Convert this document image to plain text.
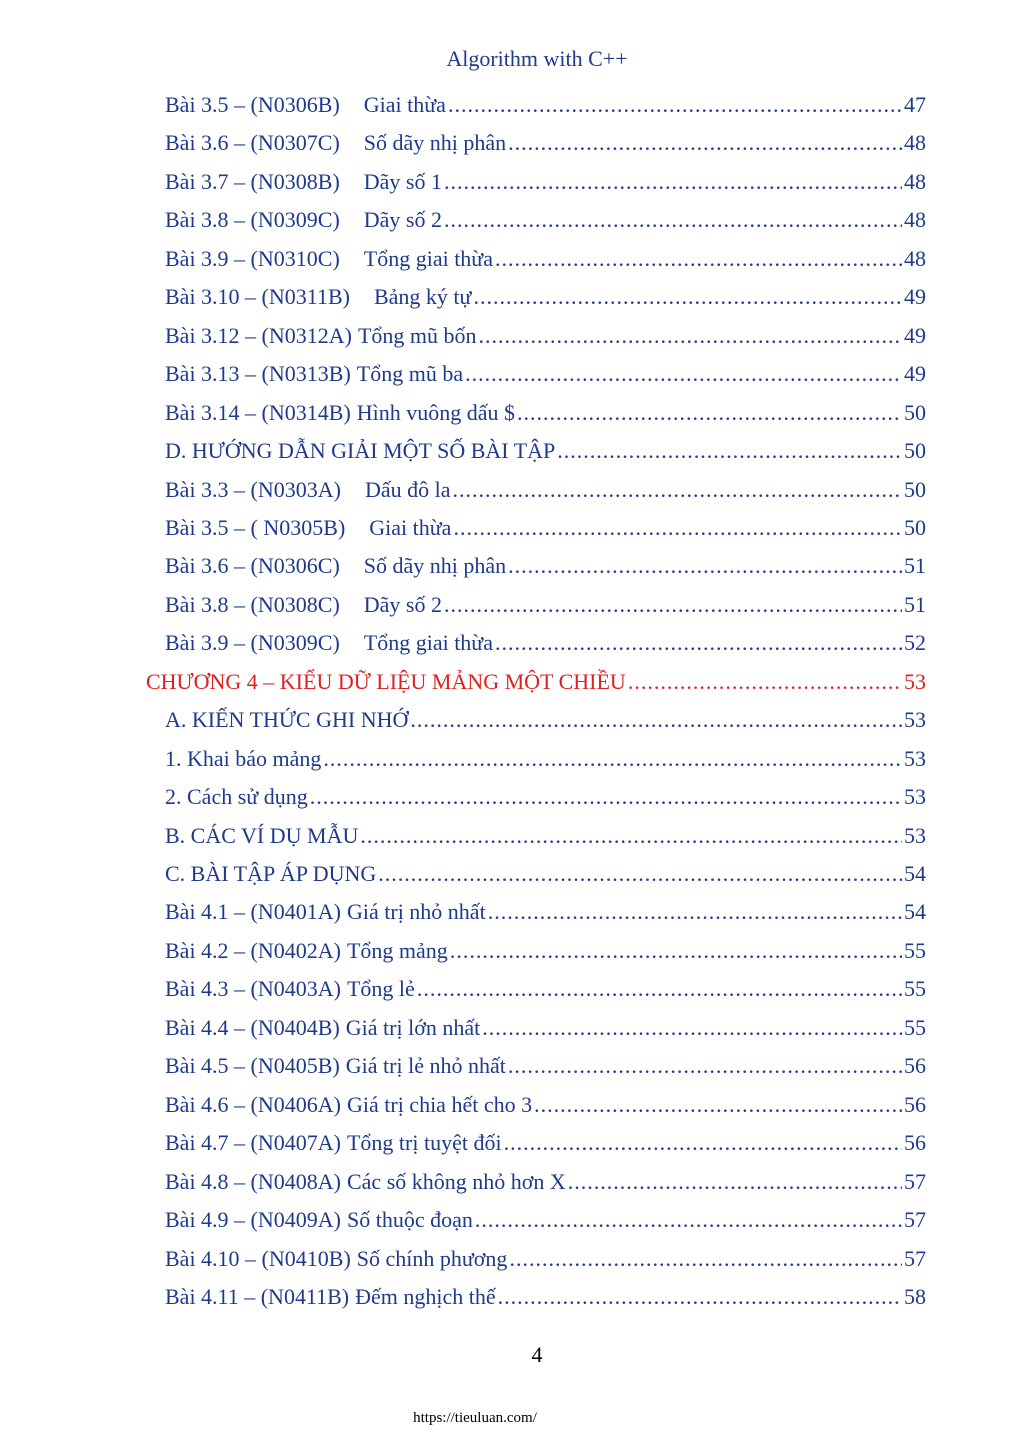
Algorithm with C++
Bài 3.5 – (N0306B) Giai thừa .....	47
Bài 3.6 – (N0307C) Số dãy nhị phân .....	48
Bài 3.7 – (N0308B) Dãy số 1 .....	48
Bài 3.8 – (N0309C) Dãy số 2 .....	48
Bài 3.9 – (N0310C) Tổng giai thừa .....	48
Bài 3.10 – (N0311B) Bảng ký tự .....	49
Bài 3.12 – (N0312A) Tổng mũ bốn .....	49
Bài 3.13 – (N0313B) Tổng mũ ba .....	49
Bài 3.14 – (N0314B) Hình vuông dấu $ .....	50
D. HƯỚNG DẪN GIẢI MỘT SỐ BÀI TẬP .....	50
Bài 3.3 – (N0303A) Dấu đô la .....	50
Bài 3.5 – ( N0305B) Giai thừa .....	50
Bài 3.6 – (N0306C) Số dãy nhị phân .....	51
Bài 3.8 – (N0308C) Dãy số 2 .....	51
Bài 3.9 – (N0309C) Tổng giai thừa .....	52
CHƯƠNG 4 – KIỂU DỮ LIỆU MẢNG MỘT CHIỀU .....	53
A. KIẾN THỨC GHI NHỚ .....	53
1. Khai báo mảng .....	53
2. Cách sử dụng .....	53
B. CÁC VÍ DỤ MẪU .....	53
C. BÀI TẬP ÁP DỤNG .....	54
Bài 4.1 – (N0401A) Giá trị nhỏ nhất .....	54
Bài 4.2 – (N0402A) Tổng mảng .....	55
Bài 4.3 – (N0403A) Tổng lẻ .....	55
Bài 4.4 – (N0404B) Giá trị lớn nhất .....	55
Bài 4.5 – (N0405B) Giá trị lẻ nhỏ nhất .....	56
Bài 4.6 – (N0406A) Giá trị chia hết cho 3 .....	56
Bài 4.7 – (N0407A) Tổng trị tuyệt đối .....	56
Bài 4.8 – (N0408A) Các số không nhỏ hơn X .....	57
Bài 4.9 – (N0409A) Số thuộc đoạn .....	57
Bài 4.10 – (N0410B) Số chính phương .....	57
Bài 4.11 – (N0411B) Đếm nghịch thế .....	58
4
https://tieuluan.com/
